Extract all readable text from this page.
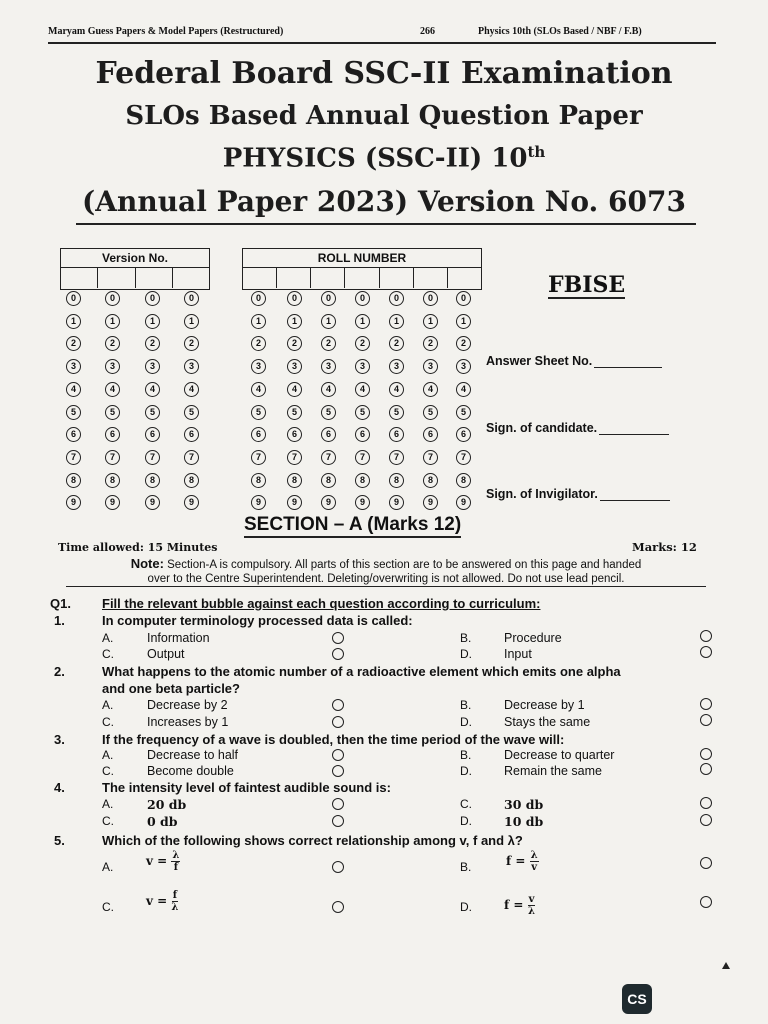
Maryam Guess Papers & Model Papers (Restructured)	266	Physics 10th (SLOs Based / NBF / F.B)
Federal Board SSC-II Examination
SLOs Based Annual Question Paper
PHYSICS (SSC-II) 10th
(Annual Paper 2023) Version No. 6073
Version No.	ROLL NUMBER
0	0	0	0	0	0	0	0	0	0	0
1	1	1	1	1	1	1	1	1	1	1
2	2	2	2	2	2	2	2	2	2	2
3	3	3	3	3	3	3	3	3	3	3
4	4	4	4	4	4	4	4	4	4	4
5	5	5	5	5	5	5	5	5	5	5
6	6	6	6	6	6	6	6	6	6	6
7	7	7	7	7	7	7	7	7	7	7
8	8	8	8	8	8	8	8	8	8	8
9	9	9	9	9	9	9	9	9	9	9
FBISE
Answer Sheet No.
Sign. of candidate.
Sign. of Invigilator.
SECTION – A (Marks 12)
Time allowed: 15 Minutes	Marks: 12
Note: Section-A is compulsory. All parts of this section are to be answered on this page and handed

over to the Centre Superintendent. Deleting/overwriting is not allowed. Do not use lead pencil.
Q1. Fill the relevant bubble against each question according to curriculum:
1.	In computer terminology processed data is called:
A.	Information	B.	Procedure
C.	Output	D.	Input
2.	What happens to the atomic number of a radioactive element which emits one alpha
and one beta particle?
A.	Decrease by 2	B.	Decrease by 1
C.	Increases by 1	D.	Stays the same
3.	If the frequency of a wave is doubled, then the time period of the wave will:
A.	Decrease to half	B.	Decrease to quarter
C.	Become double	D.	Remain the same
4.	The intensity level of faintest audible sound is:
A.	20 db	C.	30 db
C.	0 db	D.	10 db
5.	Which of the following shows correct relationship among v, f and λ?
A.	$v = \frac{\lambda}{f}$	B.	$f = \frac{\lambda}{v}$
C.	$v = \frac{f}{\lambda}$	D.	$f = \frac{v}{\lambda}$
CS
